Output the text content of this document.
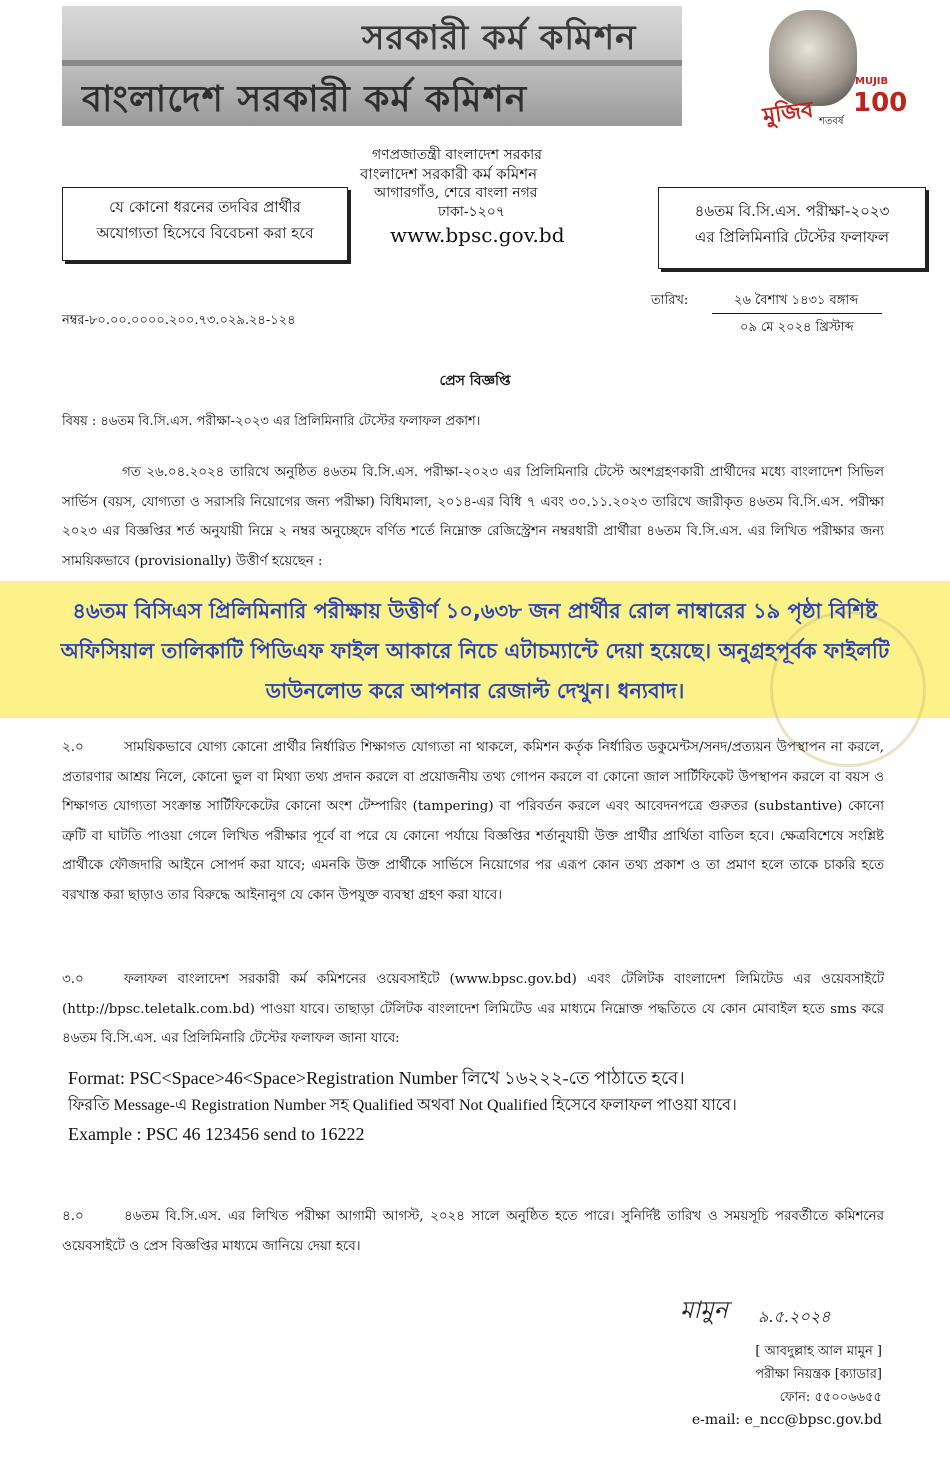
সরকারী কর্ম কমিশন
বাংলাদেশ সরকারী কর্ম কমিশন	MUJIB
100
মুজিব শতবর্ষ
গণপ্রজাতন্ত্রী বাংলাদেশ সরকার
বাংলাদেশ সরকারী কর্ম কমিশন
আগারগাঁও, শেরে বাংলা নগর
ঢাকা-১২০৭
www.bpsc.gov.bd
যে কোনো ধরনের তদবির প্রার্থীর
অযোগ্যতা হিসেবে বিবেচনা করা হবে
৪৬তম বি.সি.এস. পরীক্ষা-২০২৩
এর প্রিলিমিনারি টেস্টের ফলাফল
নম্বর-৮০.০০.০০০০.২০০.৭৩.০২৯.২৪-১২৪
তারিখ:	২৬ বৈশাখ ১৪৩১ বঙ্গাব্দ
০৯ মে ২০২৪ খ্রিস্টাব্দ
প্রেস বিজ্ঞপ্তি
বিষয় : ৪৬তম বি.সি.এস. পরীক্ষা-২০২৩ এর প্রিলিমিনারি টেস্টের ফলাফল প্রকাশ।
গত ২৬.০৪.২০২৪ তারিখে অনুষ্ঠিত ৪৬তম বি.সি.এস. পরীক্ষা-২০২৩ এর প্রিলিমিনারি টেস্টে অংশগ্রহণকারী প্রার্থীদের মধ্যে বাংলাদেশ সিভিল সার্ভিস (বয়স, যোগ্যতা ও সরাসরি নিয়োগের জন্য পরীক্ষা) বিধিমালা, ২০১৪-এর বিধি ৭ এবং ৩০.১১.২০২৩ তারিখে জারীকৃত ৪৬তম বি.সি.এস. পরীক্ষা ২০২৩ এর বিজ্ঞপ্তির শর্ত অনুযায়ী নিম্নে ২ নম্বর অনুচ্ছেদে বর্ণিত শর্তে নিম্নোক্ত রেজিস্ট্রেশন নম্বরধারী প্রার্থীরা ৪৬তম বি.সি.এস. এর লিখিত পরীক্ষার জন্য সাময়িকভাবে (provisionally) উত্তীর্ণ হয়েছেন :
৪৬তম বিসিএস প্রিলিমিনারি পরীক্ষায় উত্তীর্ণ ১০,৬৩৮ জন প্রার্থীর রোল নাম্বারের ১৯ পৃষ্ঠা বিশিষ্ট অফিসিয়াল তালিকাটি পিডিএফ ফাইল আকারে নিচে এটাচম্যান্টে দেয়া হয়েছে। অনুগ্রহপূর্বক ফাইলটি ডাউনলোড করে আপনার রেজাল্ট দেখুন। ধন্যবাদ।
২.০	সাময়িকভাবে যোগ্য কোনো প্রার্থীর নির্ধারিত শিক্ষাগত যোগ্যতা না থাকলে, কমিশন কর্তৃক নির্ধারিত ডকুমেন্টস/সনদ/প্রত্যয়ন উপস্থাপন না করলে, প্রতারণার আশ্রয় নিলে, কোনো ভুল বা মিথ্যা তথ্য প্রদান করলে বা প্রয়োজনীয় তথ্য গোপন করলে বা কোনো জাল সার্টিফিকেট উপস্থাপন করলে বা বয়স ও শিক্ষাগত যোগ্যতা সংক্রান্ত সার্টিফিকেটের কোনো অংশ টেম্পারিং (tampering) বা পরিবর্তন করলে এবং আবেদনপত্রে গুরুতর (substantive) কোনো ত্রুটি বা ঘাটতি পাওয়া গেলে লিখিত পরীক্ষার পূর্বে বা পরে যে কোনো পর্যায়ে বিজ্ঞপ্তির শর্তানুযায়ী উক্ত প্রার্থীর প্রার্থিতা বাতিল হবে। ক্ষেত্রবিশেষে সংশ্লিষ্ট প্রার্থীকে ফৌজদারি আইনে সোপর্দ করা যাবে; এমনকি উক্ত প্রার্থীকে সার্ভিসে নিয়োগের পর এরূপ কোন তথ্য প্রকাশ ও তা প্রমাণ হলে তাকে চাকরি হতে বরখাস্ত করা ছাড়াও তার বিরুদ্ধে আইনানুগ যে কোন উপযুক্ত ব্যবস্থা গ্রহণ করা যাবে।
৩.০	ফলাফল বাংলাদেশ সরকারী কর্ম কমিশনের ওয়েবসাইটে (www.bpsc.gov.bd) এবং টেলিটক বাংলাদেশ লিমিটেড এর ওয়েবসাইটে (http://bpsc.teletalk.com.bd) পাওয়া যাবে। তাছাড়া টেলিটক বাংলাদেশ লিমিটেড এর মাধ্যমে নিম্নোক্ত পদ্ধতিতে যে কোন মোবাইল হতে sms করে ৪৬তম বি.সি.এস. এর প্রিলিমিনারি টেস্টের ফলাফল জানা যাবে:
Format: PSC<Space>46<Space>Registration Number লিখে ১৬২২২-তে পাঠাতে হবে।
ফিরতি Message-এ Registration Number সহ Qualified অথবা Not Qualified হিসেবে ফলাফল পাওয়া যাবে।
Example : PSC 46 123456 send to 16222
৪.০	৪৬তম বি.সি.এস. এর লিখিত পরীক্ষা আগামী আগস্ট, ২০২৪ সালে অনুষ্ঠিত হতে পারে। সুনির্দিষ্ট তারিখ ও সময়সূচি পরবর্তীতে কমিশনের ওয়েবসাইটে ও প্রেস বিজ্ঞপ্তির মাধ্যমে জানিয়ে দেয়া হবে।
মামুন ৯.৫.২০২৪
[ আবদুল্লাহ আল মামুন ]
পরীক্ষা নিয়ন্ত্রক [ক্যাডার]
ফোন: ৫৫০০৬৬৫৫
e-mail: e_ncc@bpsc.gov.bd
